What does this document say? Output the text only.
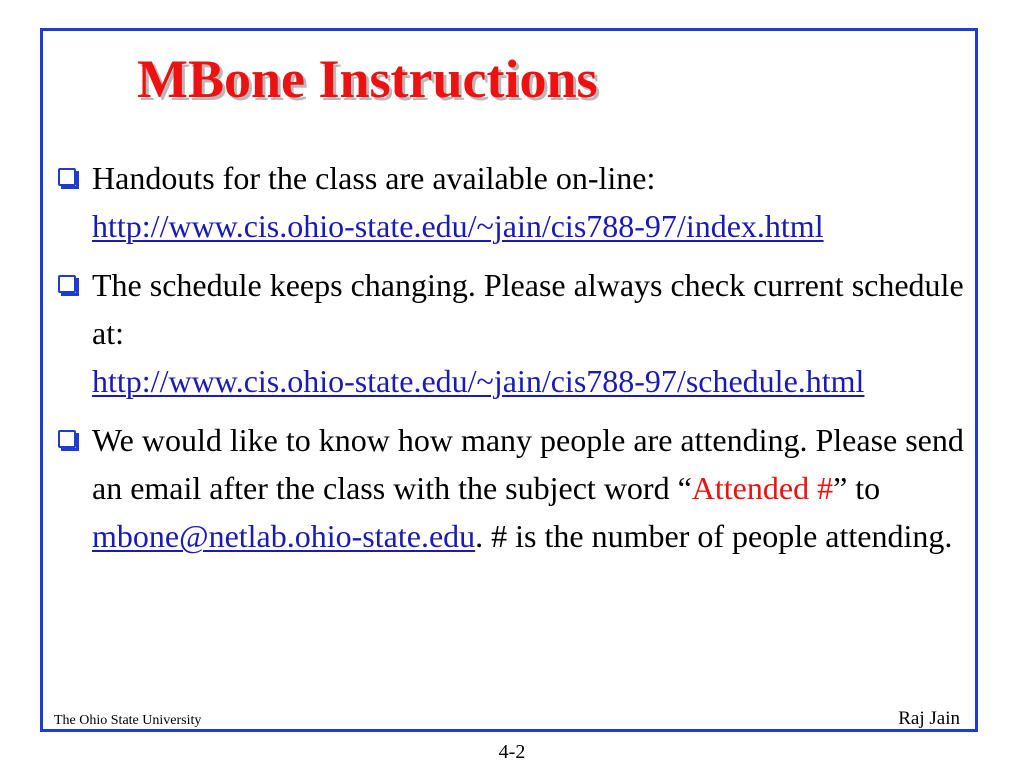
MBone Instructions
Handouts for the class are available on-line:
http://www.cis.ohio-state.edu/~jain/cis788-97/index.html
The schedule keeps changing. Please always check current schedule at:
http://www.cis.ohio-state.edu/~jain/cis788-97/schedule.html
We would like to know how many people are attending. Please send an email after the class with the subject word “Attended #” to mbone@netlab.ohio-state.edu. # is the number of people attending.
The Ohio State University	Raj Jain
4-2
